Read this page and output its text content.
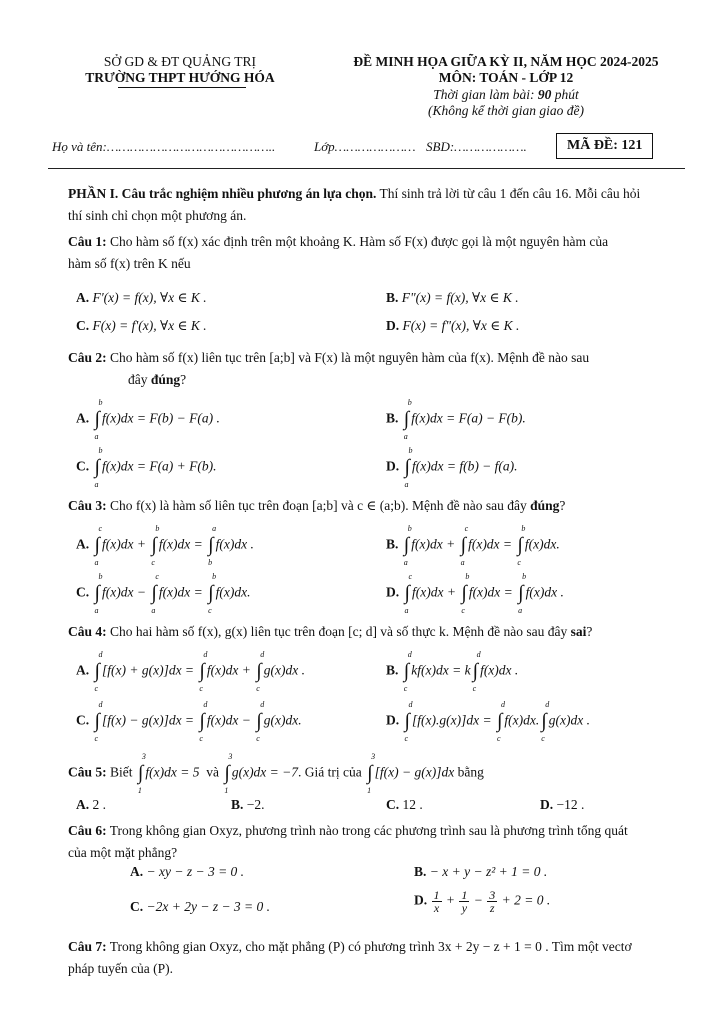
SỞ GD & ĐT QUẢNG TRỊ
TRƯỜNG THPT HƯỚNG HÓA
ĐỀ MINH HỌA GIỮA KỲ II, NĂM HỌC 2024-2025
MÔN: TOÁN - LỚP 12
Thời gian làm bài: 90 phút
(Không kể thời gian giao đề)
Họ và tên:……………………………………..	Lớp………………… SBD:……………….	MÃ ĐỀ: 121
PHẦN I. Câu trắc nghiệm nhiều phương án lựa chọn. Thí sinh trả lời từ câu 1 đến câu 16. Mỗi câu hỏi
thí sinh chỉ chọn một phương án.
Câu 1: Cho hàm số f(x) xác định trên một khoảng K. Hàm số F(x) được gọi là một nguyên hàm của
hàm số f(x) trên K nếu
A. F'(x) = f(x), ∀x ∈ K .	B. F"(x) = f(x), ∀x ∈ K .
C. F(x) = f'(x), ∀x ∈ K .	D. F(x) = f"(x), ∀x ∈ K .
Câu 2: Cho hàm số f(x) liên tục trên [a;b] và F(x) là một nguyên hàm của f(x). Mệnh đề nào sau
đây đúng?
A. ∫
b
a
f(x)dx = F(b) − F(a) .	B. ∫
b
a
f(x)dx = F(a) − F(b).
C. ∫
b
a
f(x)dx = F(a) + F(b).	D. ∫
b
a
f(x)dx = f(b) − f(a).
Câu 3: Cho f(x) là hàm số liên tục trên đoạn [a;b] và c ∈ (a;b). Mệnh đề nào sau đây đúng?
A. ∫
c
a
f(x)dx + ∫
b
c
f(x)dx = ∫
a
b
f(x)dx .	B. ∫
b
a
f(x)dx + ∫
c
a
f(x)dx = ∫
b
c
f(x)dx.
C. ∫
b
a
f(x)dx − ∫
c
a
f(x)dx = ∫
b
c
f(x)dx.	D. ∫
c
a
f(x)dx + ∫
b
c
f(x)dx = ∫
b
a
f(x)dx .
Câu 4: Cho hai hàm số f(x), g(x) liên tục trên đoạn [c; d] và số thực k. Mệnh đề nào sau đây sai?
A. ∫
d
c
[f(x) + g(x)]dx = ∫
d
c
f(x)dx + ∫
d
c
g(x)dx .	B. ∫
d
c
kf(x)dx = k ∫
d
c
f(x)dx .
C. ∫
d
c
[f(x) − g(x)]dx = ∫
d
c
f(x)dx − ∫
d
c
g(x)dx.	D. ∫
d
c
[f(x).g(x)]dx = ∫
d
c
f(x)dx. ∫
d
c
g(x)dx .
Câu 5: Biết ∫
3
1
f(x)dx = 5 và ∫
3
1
g(x)dx = −7. Giá trị của ∫
3
1
[f(x) − g(x)]dx bằng
A. 2 .	B. −2.	C. 12 .	D. −12 .
Câu 6: Trong không gian Oxyz, phương trình nào trong các phương trình sau là phương trình tổng quát
của một mặt phẳng?
A. − xy − z − 3 = 0 .	B. − x + y − z² + 1 = 0 .
C. −2x + 2y − z − 3 = 0 .	D. $\frac{1}{x} + \frac{1}{y} - \frac{3}{z} + 2 = 0$ .
Câu 7: Trong không gian Oxyz, cho mặt phẳng (P) có phương trình 3x + 2y − z + 1 = 0 . Tìm một vectơ
pháp tuyến của (P).
